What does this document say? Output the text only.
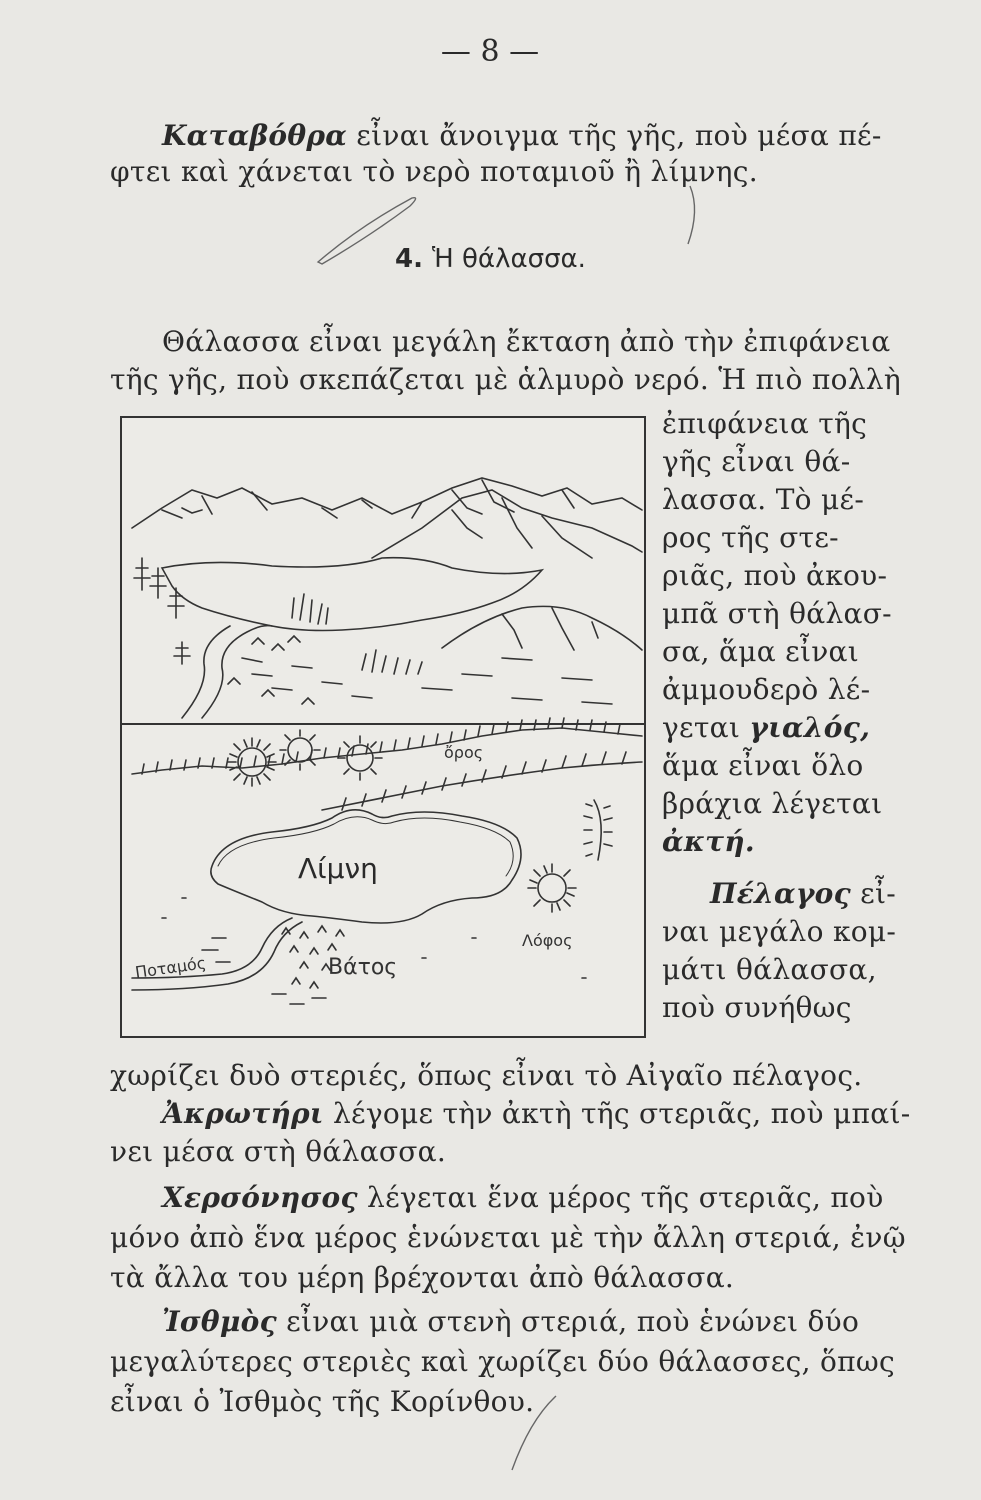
— 8 —
Καταβόθρα εἶναι ἄνοιγμα τῆς γῆς, ποὺ μέσα πέ-
φτει καὶ χάνεται τὸ νερὸ ποταμιοῦ ἢ λίμνης.
4. Ἡ θάλασσα.
Θάλασσα εἶναι μεγάλη ἔκταση ἀπὸ τὴν ἐπιφάνεια
τῆς γῆς, ποὺ σκεπάζεται μὲ ἁλμυρὸ νερό. Ἡ πιὸ πολλὴ
ἐπιφάνεια τῆς
γῆς εἶναι θά-
λασσα. Τὸ μέ-
ρος τῆς στε-
ριᾶς, ποὺ ἀκου-
μπᾶ στὴ θάλασ-
σα, ἅμα εἶναι
ἀμμουδερὸ λέ-
γεται γιαλός,
ἅμα εἶναι ὅλο
βράχια λέγεται
ἀκτή.
Πέλαγος εἶ-
ναι μεγάλο κομ-
μάτι θάλασσα,
ποὺ συνήθως
ὄρος
Λίμνη
Λόφος
Ποταμός	Βάτος
χωρίζει δυὸ στεριές, ὅπως εἶναι τὸ Αἰγαῖο πέλαγος.
Ἀκρωτήρι λέγομε τὴν ἀκτὴ τῆς στεριᾶς, ποὺ μπαί-
νει μέσα στὴ θάλασσα.
Χερσόνησος λέγεται ἕνα μέρος τῆς στεριᾶς, ποὺ
μόνο ἀπὸ ἕνα μέρος ἑνώνεται μὲ τὴν ἄλλη στεριά, ἐνῷ
τὰ ἄλλα του μέρη βρέχονται ἀπὸ θάλασσα.
Ἰσθμὸς εἶναι μιὰ στενὴ στεριά, ποὺ ἑνώνει δύο
μεγαλύτερες στεριὲς καὶ χωρίζει δύο θάλασσες, ὅπως
εἶναι ὁ Ἰσθμὸς τῆς Κορίνθου.
